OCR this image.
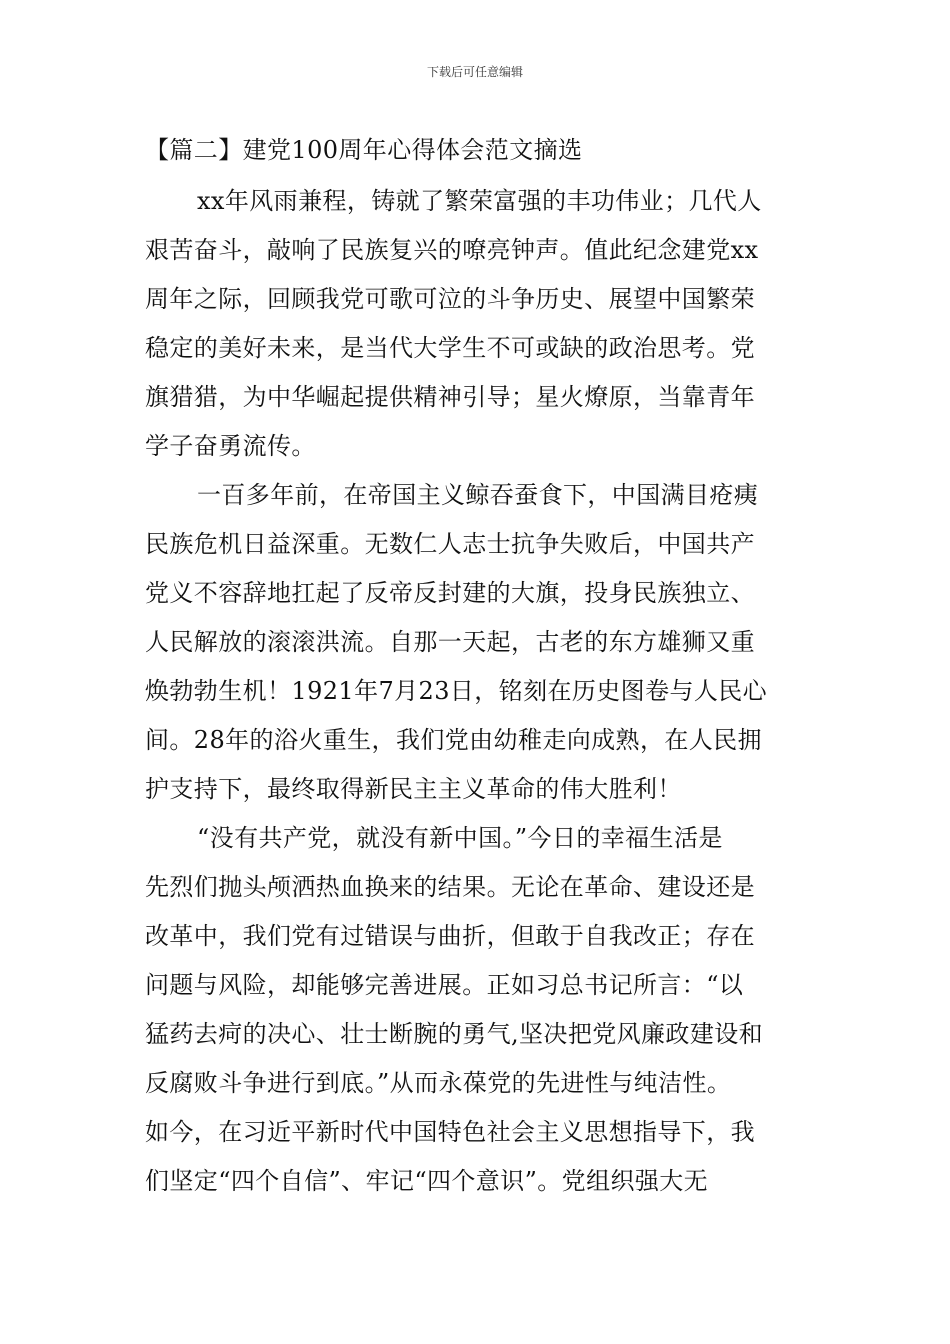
下载后可任意编辑
【篇二】建党100周年心得体会范文摘选
xx年风雨兼程，铸就了繁荣富强的丰功伟业；几代人
艰苦奋斗，敲响了民族复兴的嘹亮钟声。值此纪念建党xx
周年之际，回顾我党可歌可泣的斗争历史、展望中国繁荣
稳定的美好未来，是当代大学生不可或缺的政治思考。党
旗猎猎，为中华崛起提供精神引导；星火燎原，当靠青年
学子奋勇流传。
一百多年前，在帝国主义鲸吞蚕食下，中国满目疮痍
民族危机日益深重。无数仁人志士抗争失败后，中国共产
党义不容辞地扛起了反帝反封建的大旗，投身民族独立、
人民解放的滚滚洪流。自那一天起，古老的东方雄狮又重
焕勃勃生机！1921年7月23日，铭刻在历史图卷与人民心
间。28年的浴火重生，我们党由幼稚走向成熟，在人民拥
护支持下，最终取得新民主主义革命的伟大胜利！
“没有共产党，就没有新中国。”今日的幸福生活是
先烈们抛头颅洒热血换来的结果。无论在革命、建设还是
改革中，我们党有过错误与曲折，但敢于自我改正；存在
问题与风险，却能够完善进展。正如习总书记所言：“以
猛药去疴的决心、壮士断腕的勇气,坚决把党风廉政建设和
反腐败斗争进行到底。”从而永葆党的先进性与纯洁性。
如今，在习近平新时代中国特色社会主义思想指导下，我
们坚定“四个自信”、牢记“四个意识”。党组织强大无
